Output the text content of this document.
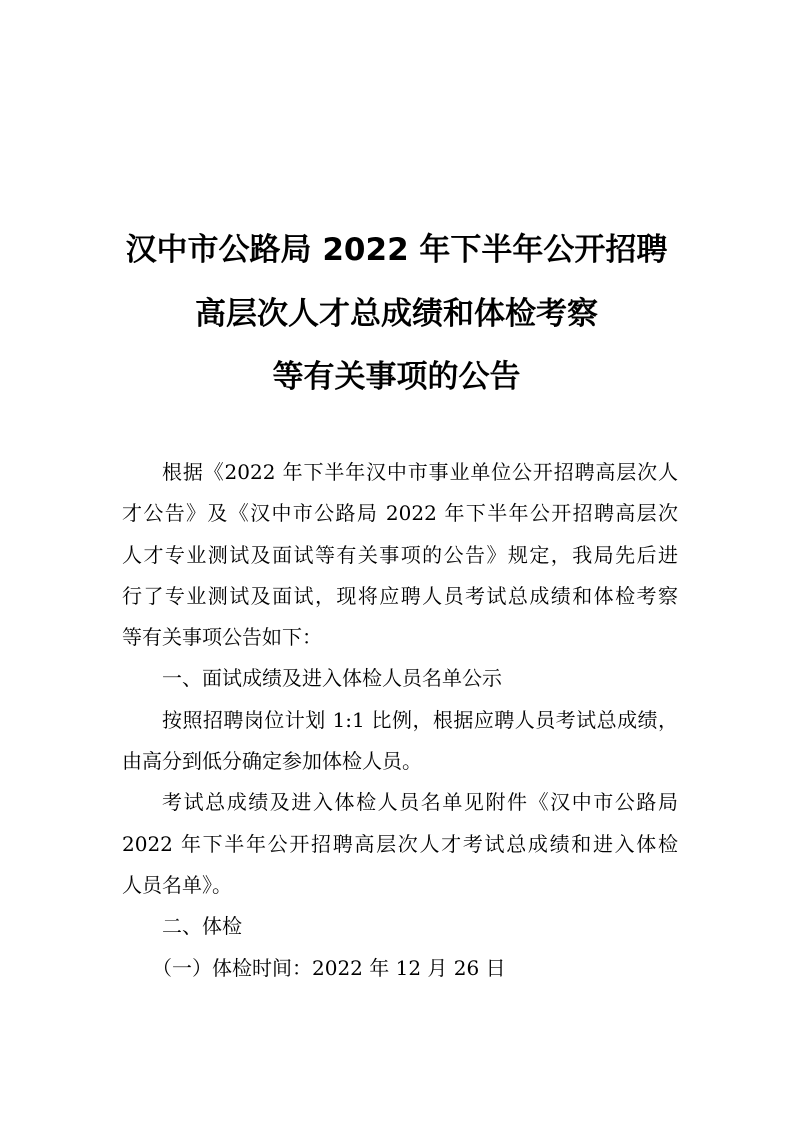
汉中市公路局 2022 年下半年公开招聘
高层次人才总成绩和体检考察
等有关事项的公告
根据《2022 年下半年汉中市事业单位公开招聘高层次人
才公告》及《汉中市公路局 2022 年下半年公开招聘高层次
人才专业测试及面试等有关事项的公告》规定，我局先后进
行了专业测试及面试，现将应聘人员考试总成绩和体检考察
等有关事项公告如下：
一、面试成绩及进入体检人员名单公示
按照招聘岗位计划 1:1 比例，根据应聘人员考试总成绩，
由高分到低分确定参加体检人员。
考试总成绩及进入体检人员名单见附件《汉中市公路局
2022 年下半年公开招聘高层次人才考试总成绩和进入体检
人员名单》。
二、体检
（一）体检时间：2022 年 12 月 26 日
